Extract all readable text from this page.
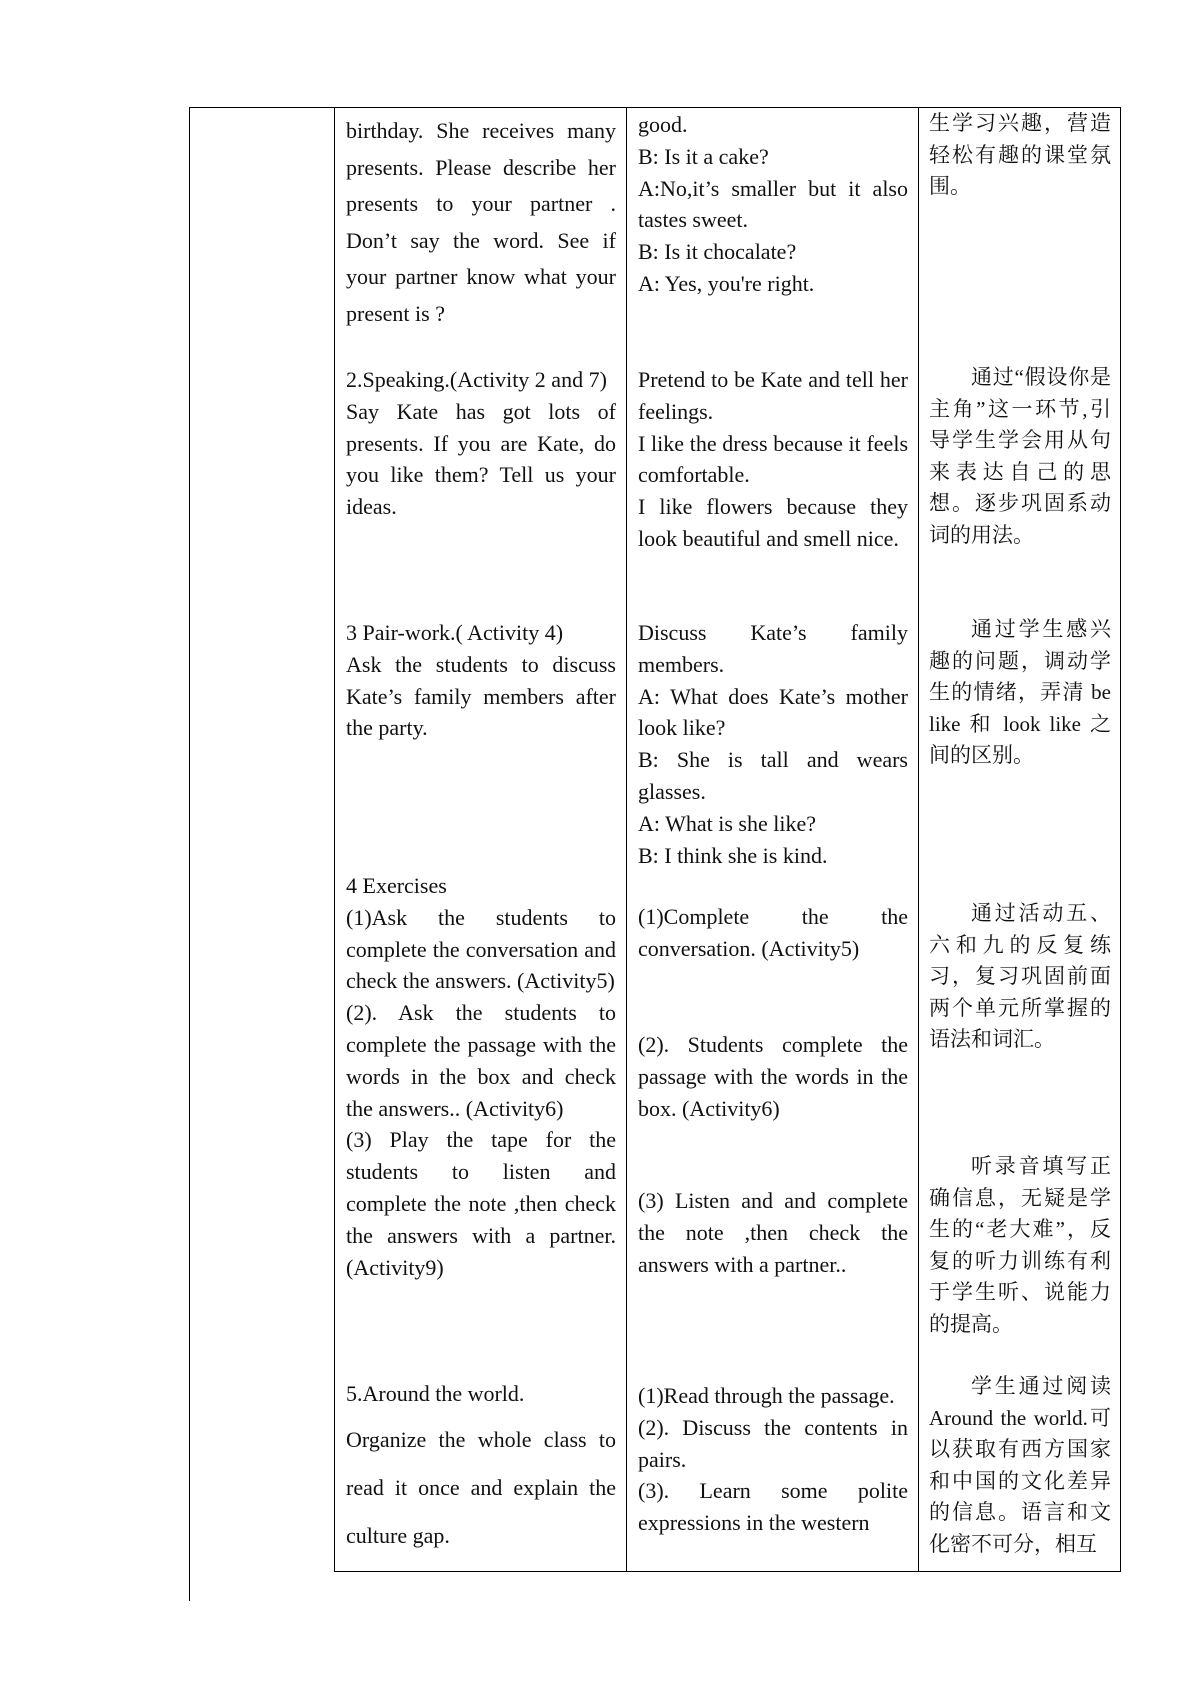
birthday. She receives many presents. Please describe her presents to your partner . Don’t say the word. See if your partner know what your present is ?

2.Speaking.(Activity 2 and 7)

Say Kate has got lots of presents. If you are Kate, do you like them? Tell us your ideas.

3 Pair-work.( Activity 4)

Ask the students to discuss Kate’s family members after the party.

4 Exercises

(1)Ask the students to complete the conversation and check the answers. (Activity5)

(2). Ask the students to complete the passage with the words in the box and check the answers.. (Activity6)

(3) Play the tape for the students to listen and complete the note ,then check the answers with a partner. (Activity9)

5.Around the world.

Organize the whole class to read it once and explain the culture gap.

good.

B: Is it a cake?

A:No,it’s smaller but it also tastes sweet.

B: Is it chocalate?

A: Yes, you're right.

Pretend to be Kate and tell her feelings.

I like the dress because it feels comfortable.

I like flowers because they look beautiful and smell nice.

Discuss Kate’s family members.

A: What does Kate’s mother look like?

B: She is tall and wears glasses.

A: What is she like?

B: I think she is kind.

(1)Complete the the conversation. (Activity5)

(2). Students complete the passage with the words in the box. (Activity6)

(3) Listen and and complete the note ,then check the answers with a partner..

(1)Read through the passage.

(2). Discuss the contents in pairs.

(3). Learn some polite expressions in the western

生学习兴趣，营造轻松有趣的课堂氛围。

通过“假设你是主角”这一环节,引导学生学会用从句来表达自己的思想。逐步巩固系动词的用法。

通过学生感兴趣的问题，调动学生的情绪，弄清 be like 和 look like 之间的区别。

通过活动五、六和九的反复练习，复习巩固前面两个单元所掌握的语法和词汇。

听录音填写正确信息，无疑是学生的“老大难”，反复的听力训练有利于学生听、说能力的提高。

学生通过阅读 Around the world.可以获取有西方国家和中国的文化差异的信息。语言和文化密不可分，相互
